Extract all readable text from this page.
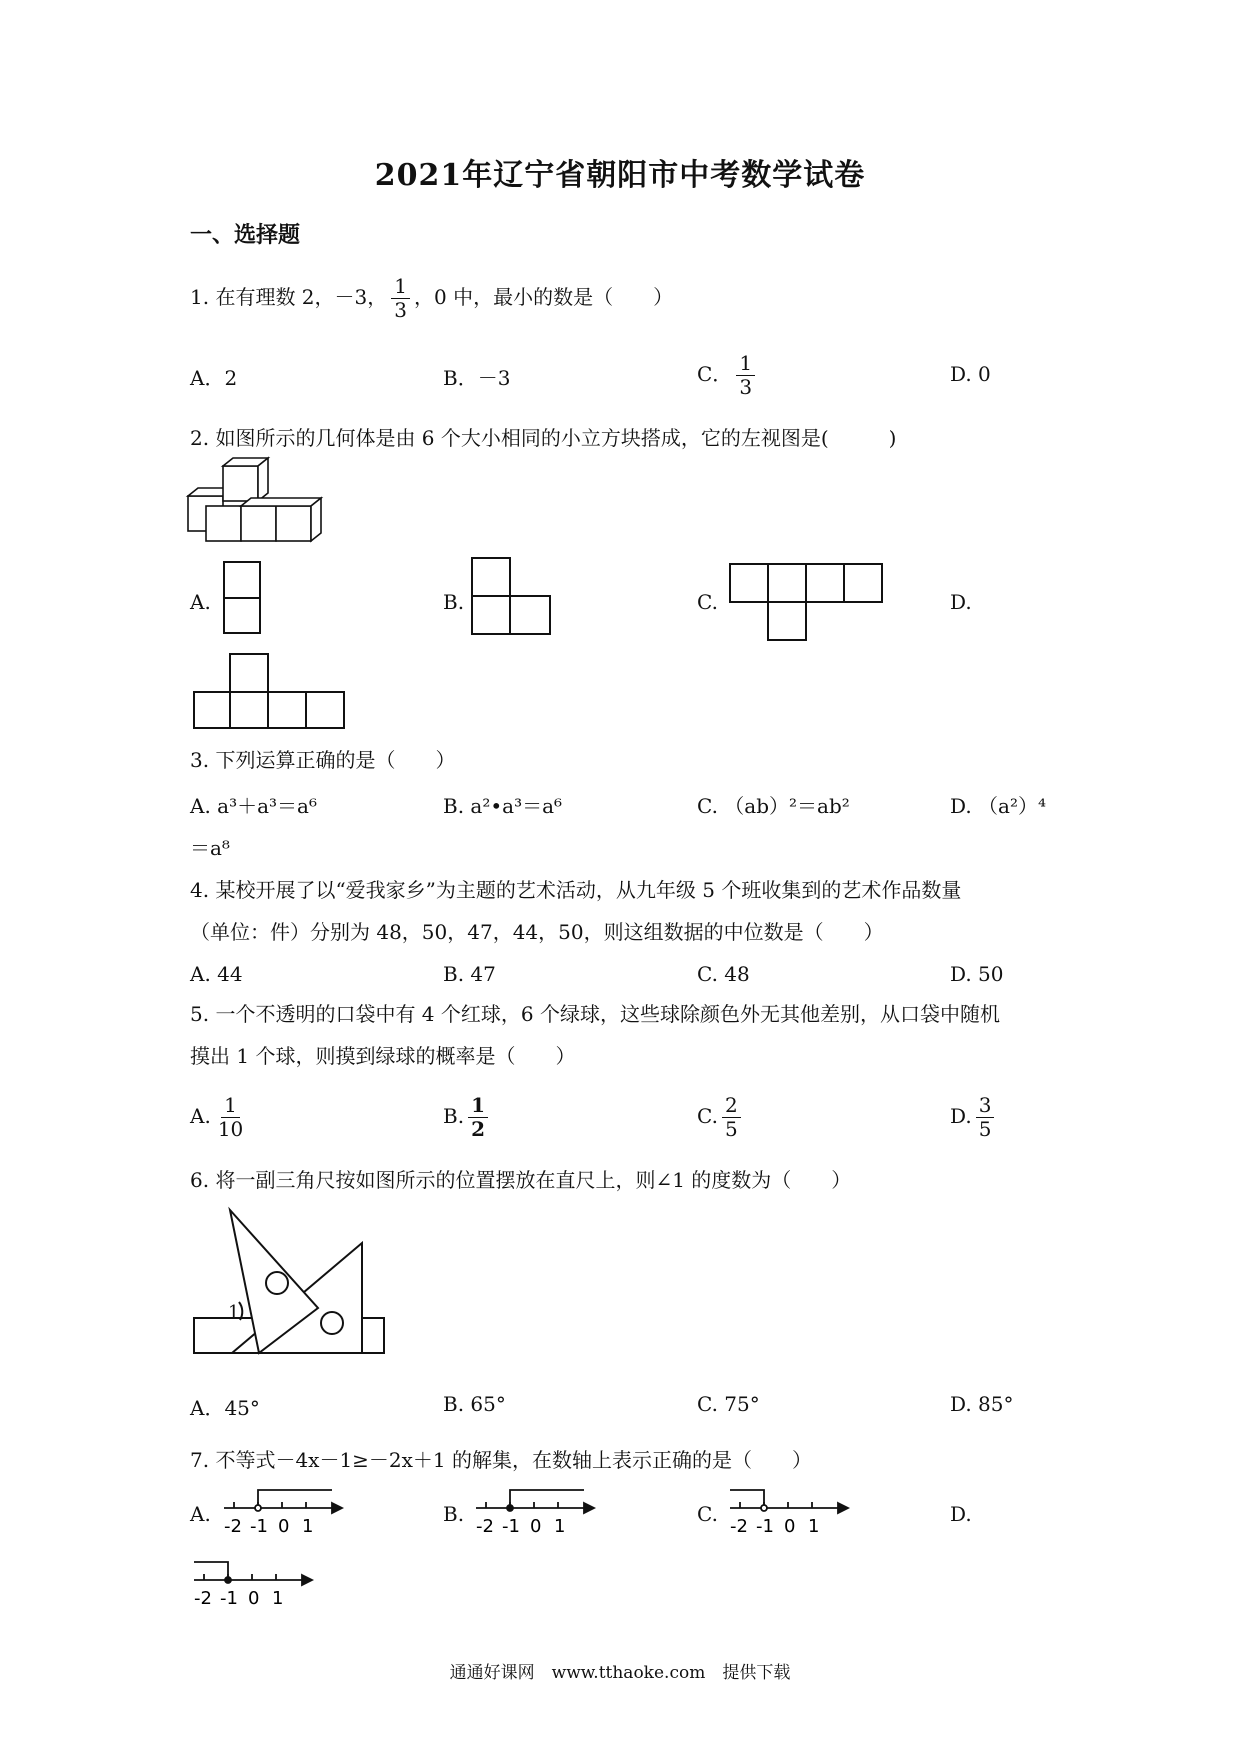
2021年辽宁省朝阳市中考数学试卷
一、选择题
1. 在有理数 2，－3， $\frac{1}{3}$ ，0 中，最小的数是（　　）
A．2	B．－3	C． $\frac{1}{3}$	D. 0
2. 如图所示的几何体是由 6 个大小相同的小立方块搭成，它的左视图是(　　　)
A.	B.	C.	D.
3. 下列运算正确的是（　　）
A. a³＋a³＝a⁶	B. a²•a³＝a⁶	C. （ab）²＝ab²	D. （a²）⁴
＝a⁸
4. 某校开展了以“爱我家乡”为主题的艺术活动，从九年级 5 个班收集到的艺术作品数量
（单位：件）分别为 48，50，47，44，50，则这组数据的中位数是（　　）
A. 44	B. 47	C. 48	D. 50
5. 一个不透明的口袋中有 4 个红球，6 个绿球，这些球除颜色外无其他差别，从口袋中随机
摸出 1 个球，则摸到绿球的概率是（　　）
A. $\frac{1}{10}$	B. $\frac{1}{2}$	C. $\frac{2}{5}$	D. $\frac{3}{5}$
6. 将一副三角尺按如图所示的位置摆放在直尺上，则∠1 的度数为（　　）
1
A．45°	B. 65°	C. 75°	D. 85°
7. 不等式－4x－1≥－2x＋1 的解集，在数轴上表示正确的是（　　）
A.	B.	C.	D.
-2 -1 0 1	-2 -1 0 1	-2 -1 0 1
-2 -1 0 1
通通好课网　www.tthaoke.com　提供下载
